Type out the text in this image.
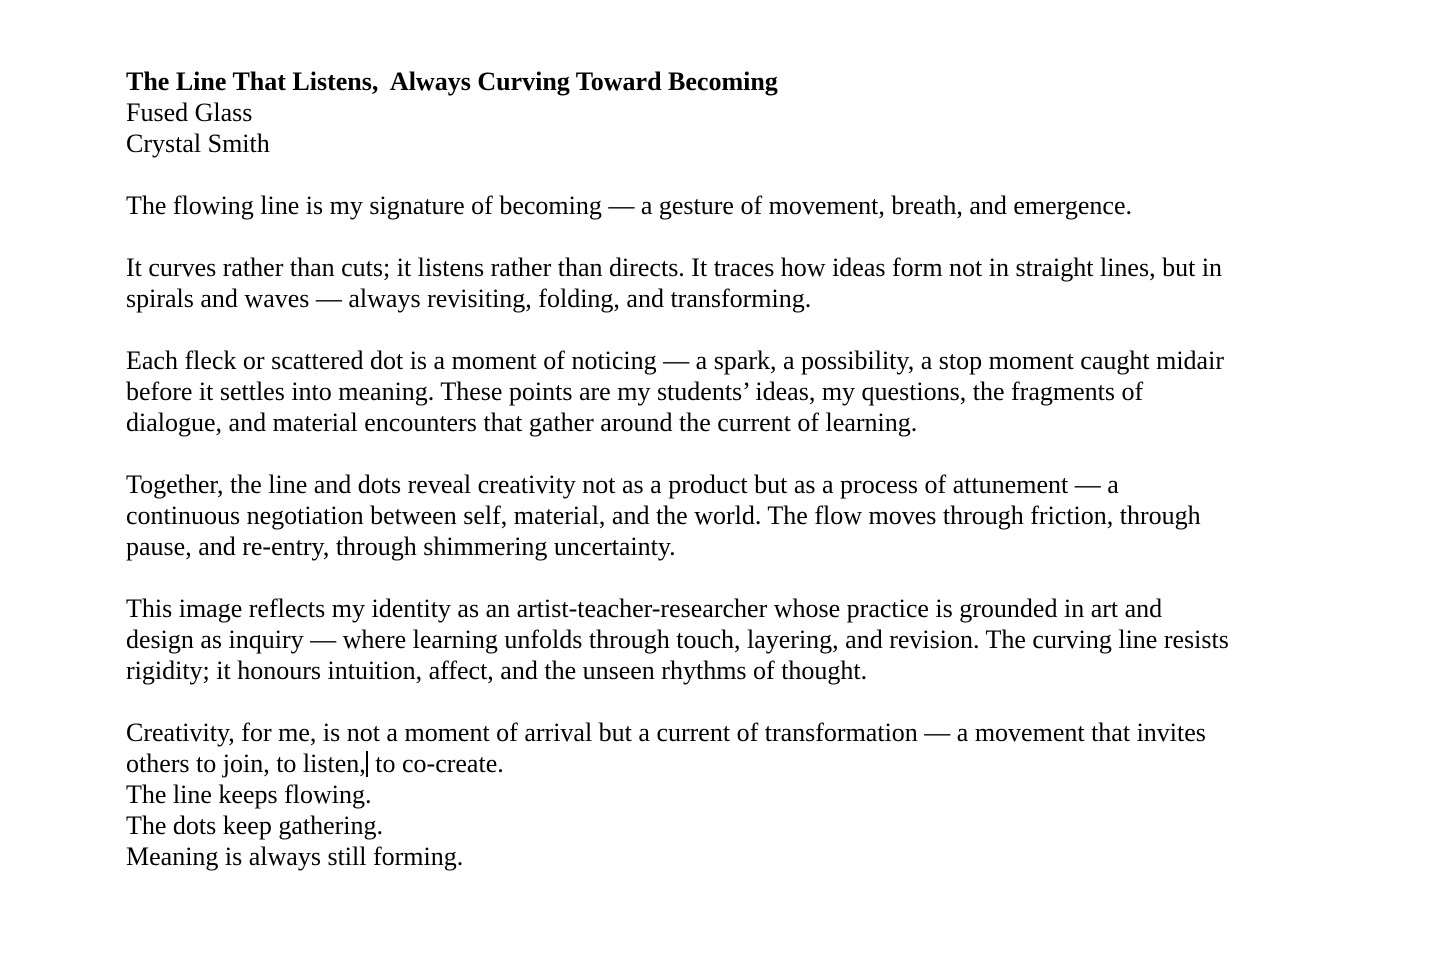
The Line That Listens,  Always Curving Toward Becoming
Fused Glass
Crystal Smith
The flowing line is my signature of becoming — a gesture of movement, breath, and emergence.
It curves rather than cuts; it listens rather than directs. It traces how ideas form not in straight lines, but in
spirals and waves — always revisiting, folding, and transforming.
Each fleck or scattered dot is a moment of noticing — a spark, a possibility, a stop moment caught midair
before it settles into meaning. These points are my students’ ideas, my questions, the fragments of
dialogue, and material encounters that gather around the current of learning.
Together, the line and dots reveal creativity not as a product but as a process of attunement — a
continuous negotiation between self, material, and the world. The flow moves through friction, through
pause, and re-entry, through shimmering uncertainty.
This image reflects my identity as an artist-teacher-researcher whose practice is grounded in art and
design as inquiry — where learning unfolds through touch, layering, and revision. The curving line resists
rigidity; it honours intuition, affect, and the unseen rhythms of thought.
Creativity, for me, is not a moment of arrival but a current of transformation — a movement that invites
others to join, to listen, to co-create.
The line keeps flowing.
The dots keep gathering.
Meaning is always still forming.
